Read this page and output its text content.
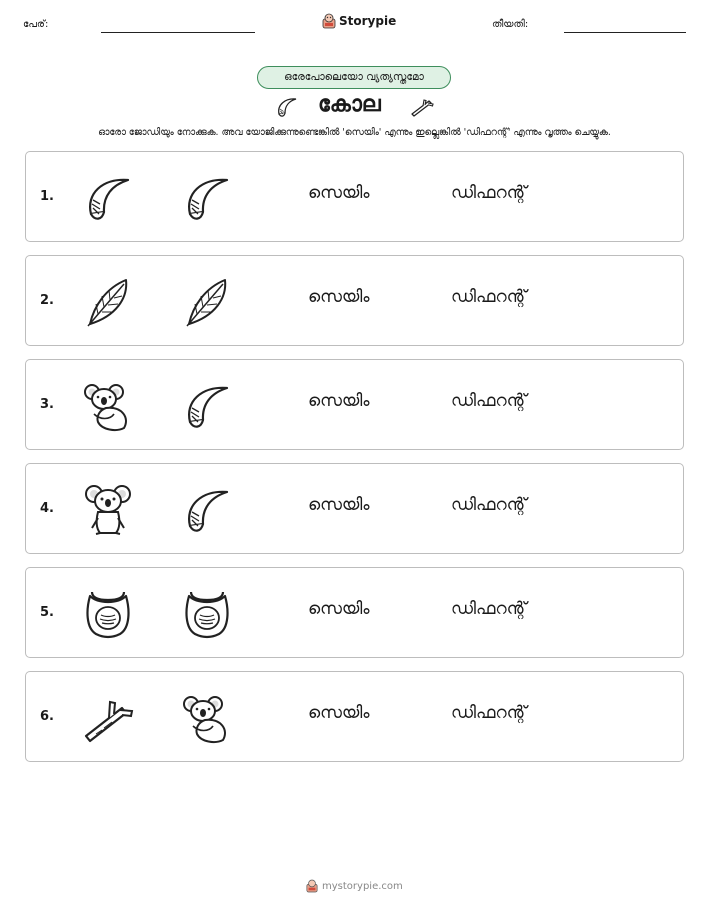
പേര്:	Storypie	തീയതി:
ഒരേപോലെയോ വ്യത്യസ്തമോ
കോല
ഓരോ ജോഡിയും നോക്കുക. അവ യോജിക്കുന്നുണ്ടെങ്കിൽ 'സെയിം' എന്നും ഇല്ലെങ്കിൽ 'ഡിഫറന്റ്' എന്നും വൃത്തം ചെയ്യുക.
1.	സെയിം	ഡിഫറന്റ്
2.	സെയിം	ഡിഫറന്റ്
3.	സെയിം	ഡിഫറന്റ്
4.	സെയിം	ഡിഫറന്റ്
5.	സെയിം	ഡിഫറന്റ്
6.	സെയിം	ഡിഫറന്റ്
mystorypie.com
